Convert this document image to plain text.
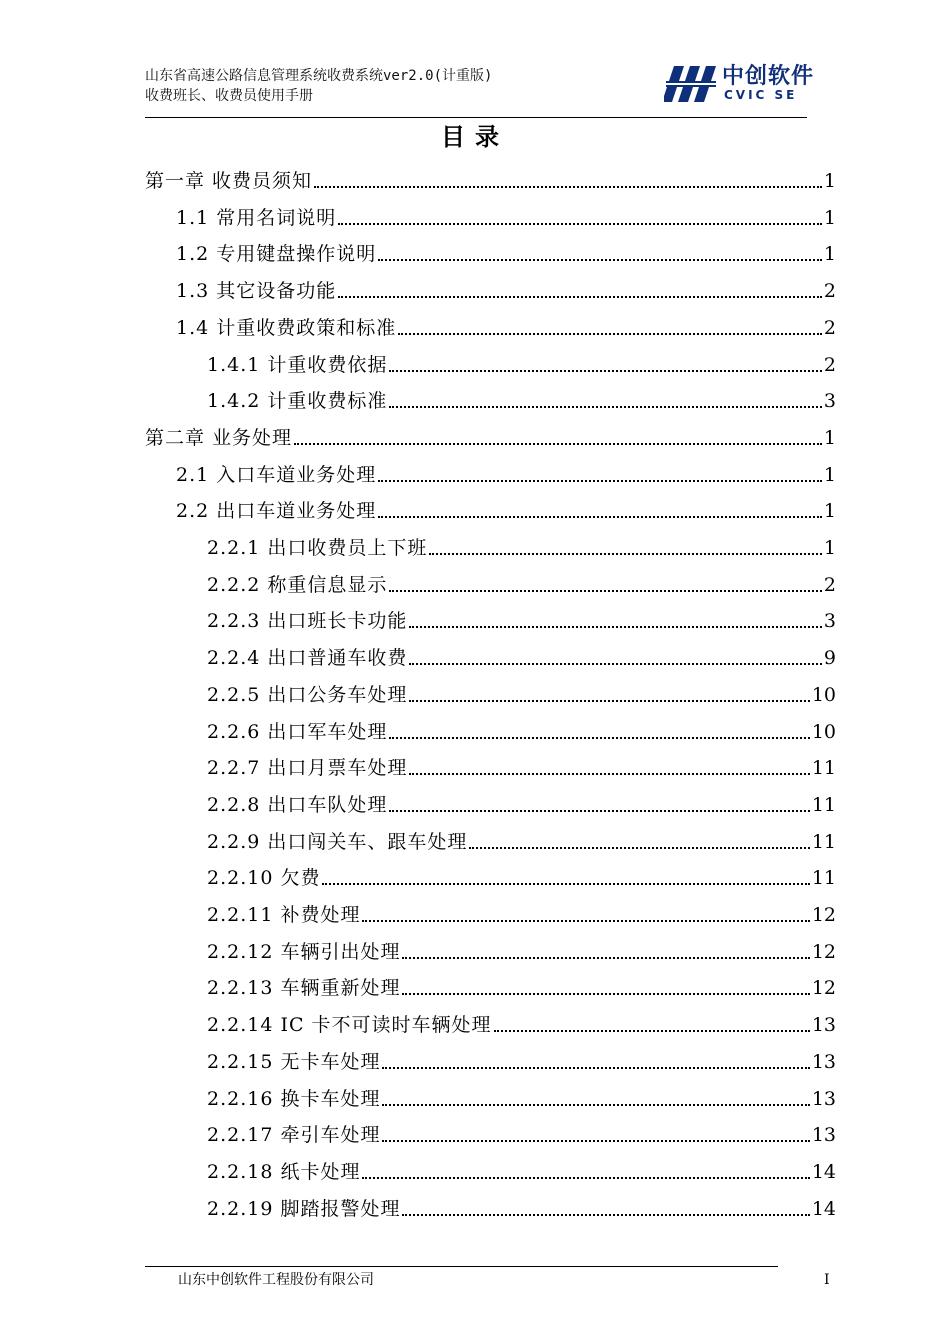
山东省高速公路信息管理系统收费系统ver2.0(计重版)
收费班长、收费员使用手册
中创软件
CVIC SE
目录
第一章 收费员须知	1
1.1 常用名词说明	1
1.2 专用键盘操作说明	1
1.3 其它设备功能	2
1.4 计重收费政策和标准	2
1.4.1 计重收费依据	2
1.4.2 计重收费标准	3
第二章 业务处理	1
2.1 入口车道业务处理	1
2.2 出口车道业务处理	1
2.2.1 出口收费员上下班	1
2.2.2 称重信息显示	2
2.2.3 出口班长卡功能	3
2.2.4 出口普通车收费	9
2.2.5 出口公务车处理	10
2.2.6 出口军车处理	10
2.2.7 出口月票车处理	11
2.2.8 出口车队处理	11
2.2.9 出口闯关车、跟车处理	11
2.2.10 欠费	11
2.2.11 补费处理	12
2.2.12 车辆引出处理	12
2.2.13 车辆重新处理	12
2.2.14 IC 卡不可读时车辆处理	13
2.2.15 无卡车处理	13
2.2.16 换卡车处理	13
2.2.17 牵引车处理	13
2.2.18 纸卡处理	14
2.2.19 脚踏报警处理	14
山东中创软件工程股份有限公司	I
